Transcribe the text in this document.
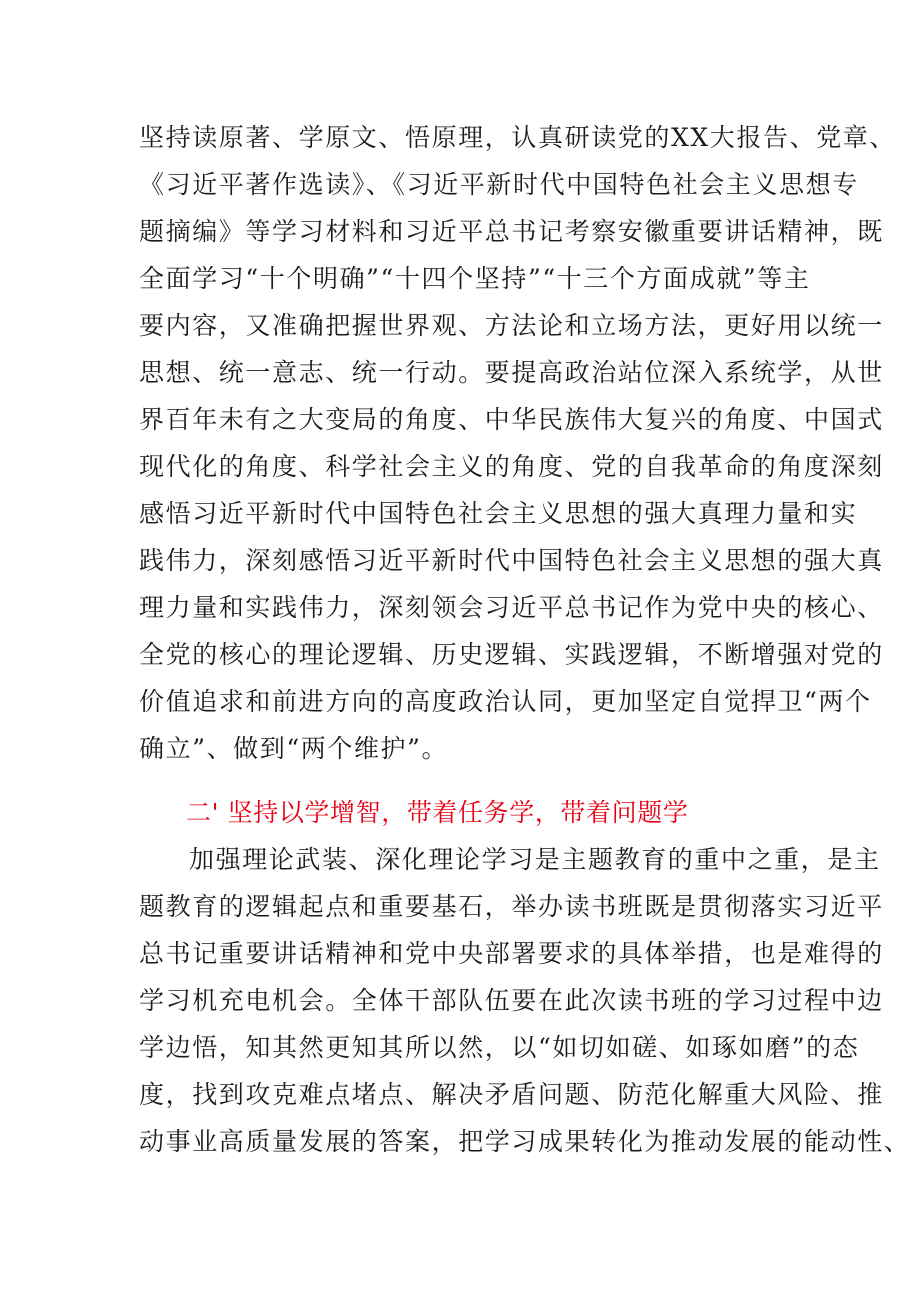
坚持读原著、学原文、悟原理，认真研读党的XX大报告、党章、
《习近平著作选读》、《习近平新时代中国特色社会主义思想专
题摘编》等学习材料和习近平总书记考察安徽重要讲话精神，既
全面学习“十个明确”“十四个坚持”“十三个方面成就”等主
要内容，又准确把握世界观、方法论和立场方法，更好用以统一
思想、统一意志、统一行动。要提高政治站位深入系统学，从世
界百年未有之大变局的角度、中华民族伟大复兴的角度、中国式
现代化的角度、科学社会主义的角度、党的自我革命的角度深刻
感悟习近平新时代中国特色社会主义思想的强大真理力量和实
践伟力，深刻感悟习近平新时代中国特色社会主义思想的强大真
理力量和实践伟力，深刻领会习近平总书记作为党中央的核心、
全党的核心的理论逻辑、历史逻辑、实践逻辑，不断增强对党的
价值追求和前进方向的高度政治认同，更加坚定自觉捍卫“两个
确立”、做到“两个维护”。
二' 坚持以学增智，带着任务学，带着问题学
加强理论武装、深化理论学习是主题教育的重中之重，是主
题教育的逻辑起点和重要基石，举办读书班既是贯彻落实习近平
总书记重要讲话精神和党中央部署要求的具体举措，也是难得的
学习机充电机会。全体干部队伍要在此次读书班的学习过程中边
学边悟，知其然更知其所以然，以“如切如磋、如琢如磨”的态
度，找到攻克难点堵点、解决矛盾问题、防范化解重大风险、推
动事业高质量发展的答案，把学习成果转化为推动发展的能动性、
